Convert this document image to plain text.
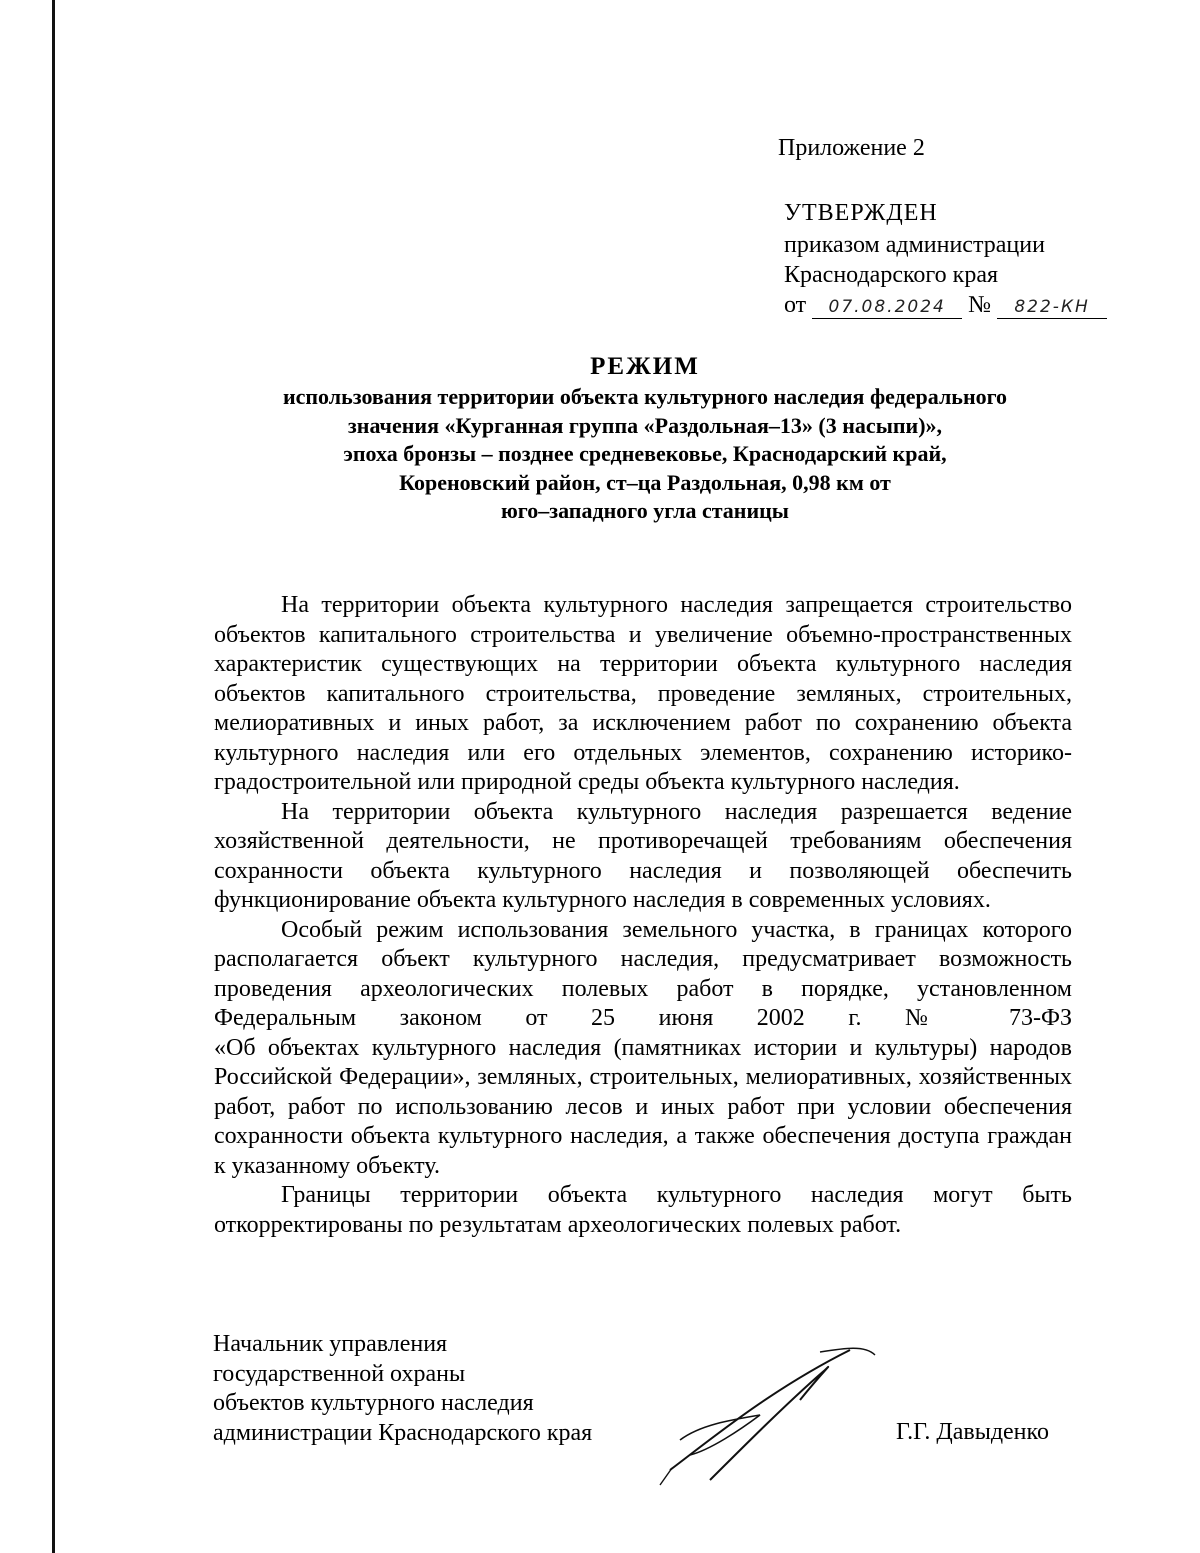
Приложение 2
УТВЕРЖДЕН
приказом администрации
Краснодарского края
от 07.08.2024 № 822-КН
РЕЖИМ
использования территории объекта культурного наследия федерального
значения «Курганная группа «Раздольная–13» (3 насыпи)»,
эпоха бронзы – позднее средневековье, Краснодарский край,
Кореновский район, ст–ца Раздольная, 0,98 км от
юго–западного угла станицы

На территории объекта культурного наследия запрещается строительство объектов капитального строительства и увеличение объемно-пространственных характеристик существующих на территории объекта культурного наследия объектов капитального строительства, проведение земляных, строительных, мелиоративных и иных работ, за исключением работ по сохранению объекта культурного наследия или его отдельных элементов, сохранению историко-градостроительной или природной среды объекта культурного наследия.

На территории объекта культурного наследия разрешается ведение хозяйственной деятельности, не противоречащей требованиям обеспечения сохранности объекта культурного наследия и позволяющей обеспечить функционирование объекта культурного наследия в современных условиях.

Особый режим использования земельного участка, в границах которого располагается объект культурного наследия, предусматривает возможность проведения археологических полевых работ в порядке, установленном Федеральным законом от 25 июня 2002 г. № 73-ФЗ

«Об объектах культурного наследия (памятниках истории и культуры) народов Российской Федерации», земляных, строительных, мелиоративных, хозяйственных работ, работ по использованию лесов и иных работ при условии обеспечения сохранности объекта культурного наследия, а также обеспечения доступа граждан к указанному объекту.

Границы территории объекта культурного наследия могут быть откорректированы по результатам археологических полевых работ.

Начальник управления
государственной охраны
объектов культурного наследия
администрации Краснодарского края	Г.Г. Давыденко
